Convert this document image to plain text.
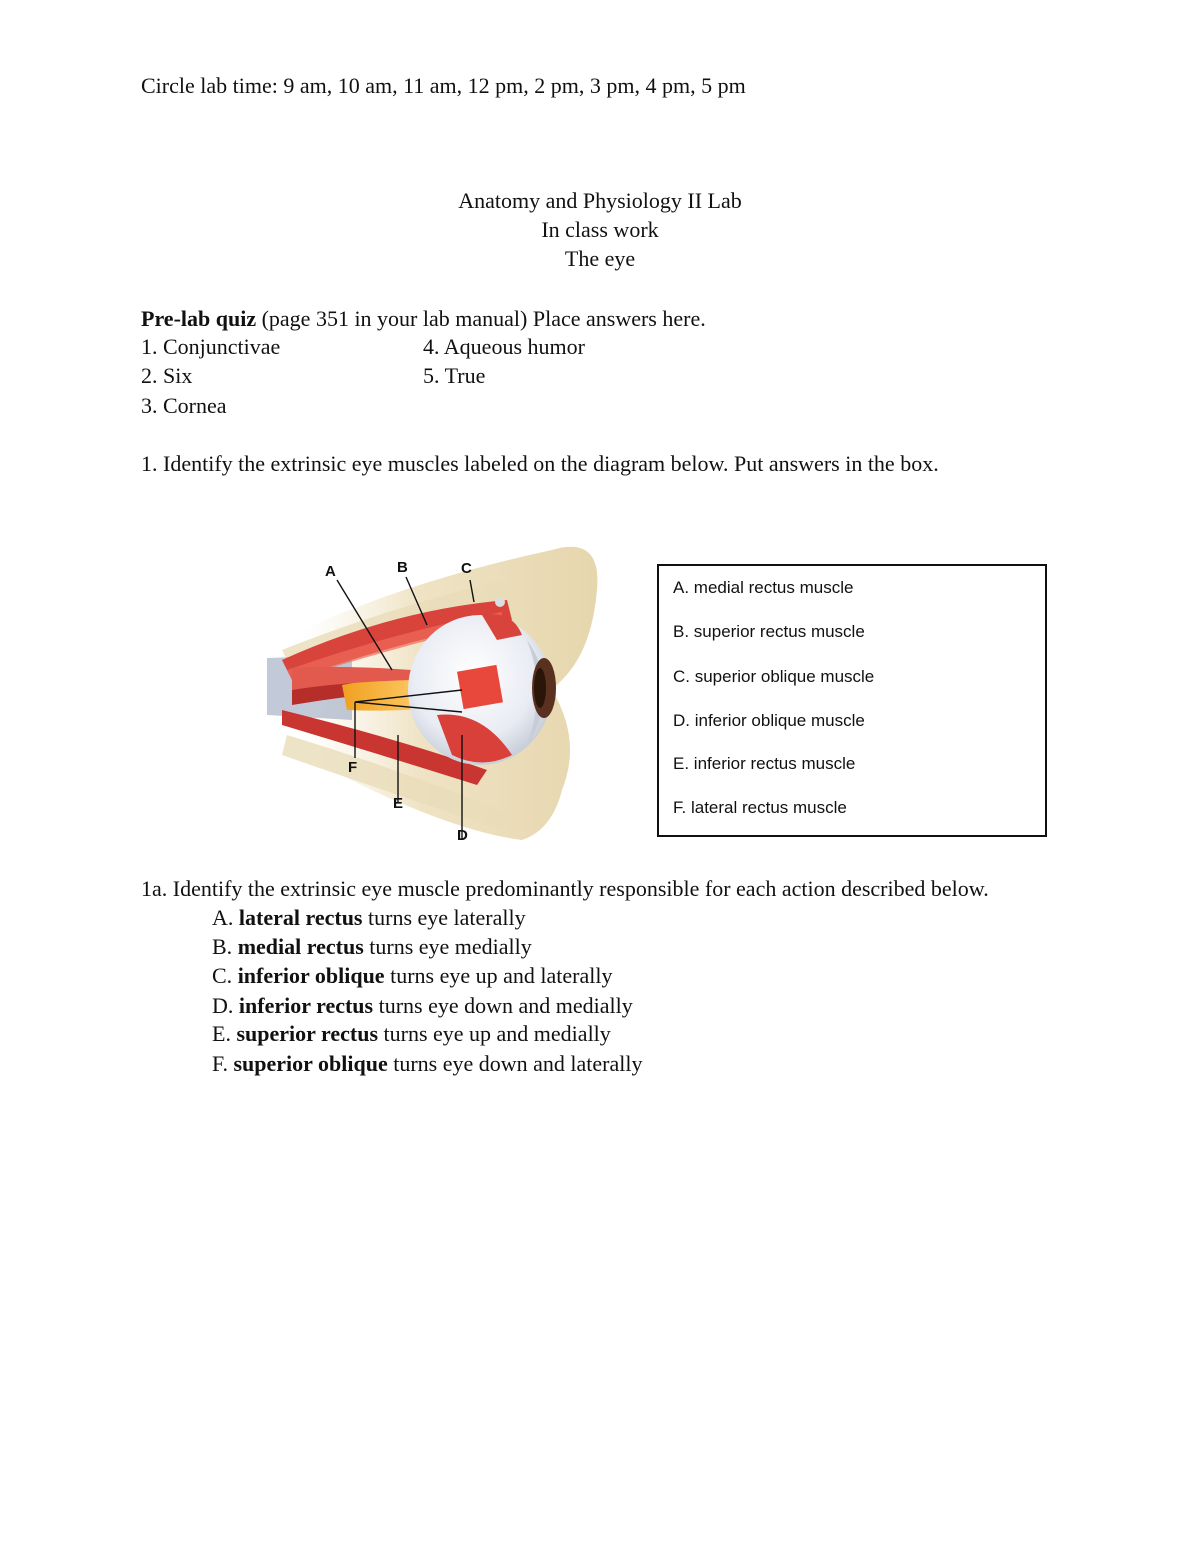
Circle lab time: 9 am, 10 am, 11 am, 12 pm, 2 pm, 3 pm, 4 pm, 5 pm
Anatomy and Physiology II Lab
In class work
The eye
Pre-lab quiz (page 351 in your lab manual) Place answers here.
1. Conjunctivae
2. Six
3. Cornea
4. Aqueous humor
5. True
1. Identify the extrinsic eye muscles labeled on the diagram below. Put answers in the box.
A	B	C
D
E
F
A. medial rectus muscle
B. superior rectus muscle
C. superior oblique muscle
D. inferior oblique muscle
E. inferior rectus muscle
F. lateral rectus muscle
1a. Identify the extrinsic eye muscle predominantly responsible for each action described below.
A. lateral rectus turns eye laterally
B. medial rectus turns eye medially
C. inferior oblique turns eye up and laterally
D. inferior rectus turns eye down and medially
E. superior rectus turns eye up and medially
F. superior oblique turns eye down and laterally
